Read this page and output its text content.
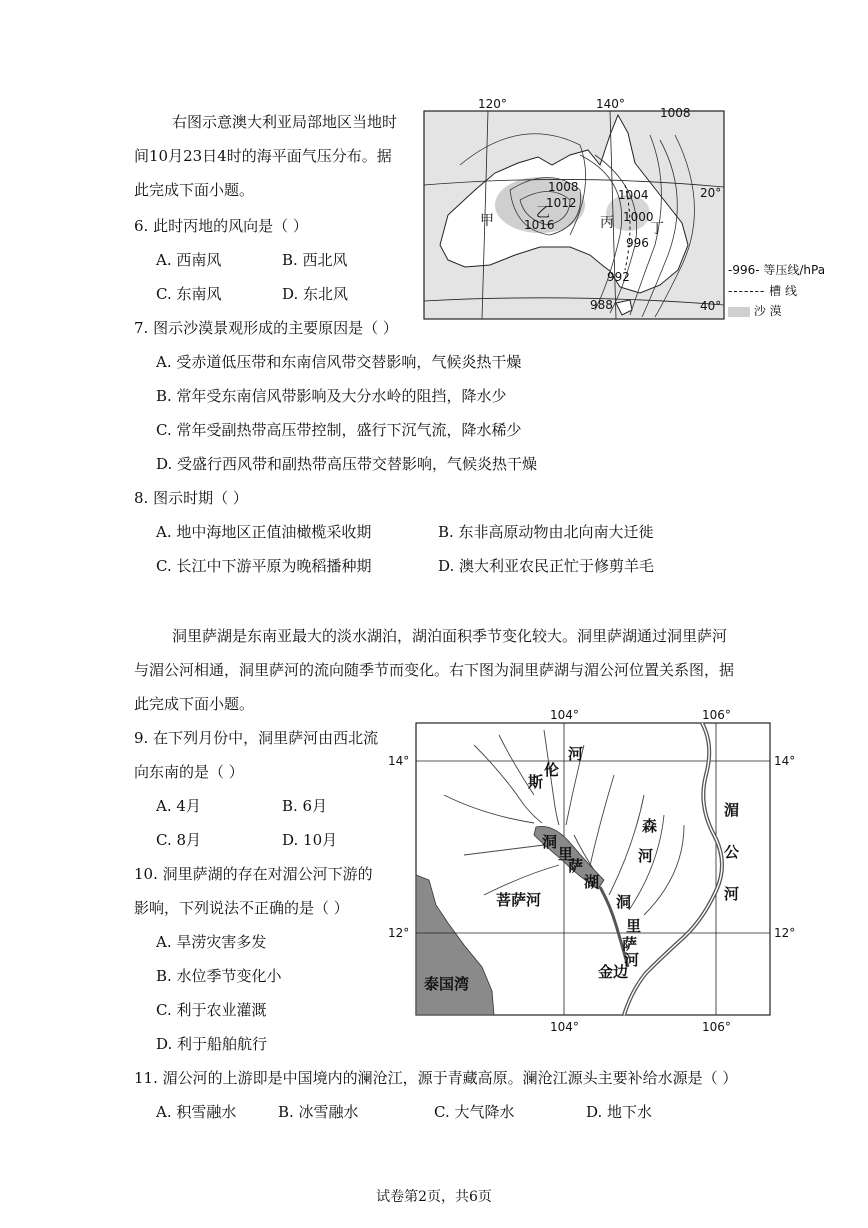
右图示意澳大利亚局部地区当地时
间10月23日4时的海平面气压分布。据
此完成下面小题。
120°	140°
1008
1008
1012
1016
1004
1000
996
992
988
甲	乙
丙	丁
20°
40°
-996- 等压线/hPa
------- 槽 线
沙 漠
6. 此时丙地的风向是（ ）
A. 西南风	B. 西北风
C. 东南风	D. 东北风
7. 图示沙漠景观形成的主要原因是（ ）
A. 受赤道低压带和东南信风带交替影响，气候炎热干燥
B. 常年受东南信风带影响及大分水岭的阻挡，降水少
C. 常年受副热带高压带控制，盛行下沉气流，降水稀少
D. 受盛行西风带和副热带高压带交替影响，气候炎热干燥
8. 图示时期（ ）
A. 地中海地区正值油橄榄采收期	B. 东非高原动物由北向南大迁徙
C. 长江中下游平原为晚稻播种期	D. 澳大利亚农民正忙于修剪羊毛
洞里萨湖是东南亚最大的淡水湖泊，湖泊面积季节变化较大。洞里萨湖通过洞里萨河
与湄公河相通，洞里萨河的流向随季节而变化。右下图为洞里萨湖与湄公河位置关系图，据
此完成下面小题。
9. 在下列月份中，洞里萨河由西北流
向东南的是（ ）
A. 4月	B. 6月
C. 8月	D. 10月
10. 洞里萨湖的存在对湄公河下游的
影响，下列说法不正确的是（ ）
A. 旱涝灾害多发
B. 水位季节变化小
C. 利于农业灌溉
D. 利于船舶航行
104°	106°
104°	106°
14°	14°
12°	12°
斯
伦
河
森
河
湄
公
河
洞
里
萨
湖
菩萨河	洞
里
萨
河
金边
泰国湾
11. 湄公河的上游即是中国境内的澜沧江，源于青藏高原。澜沧江源头主要补给水源是（ ）
A. 积雪融水	B. 冰雪融水	C. 大气降水	D. 地下水
试卷第2页，共6页
